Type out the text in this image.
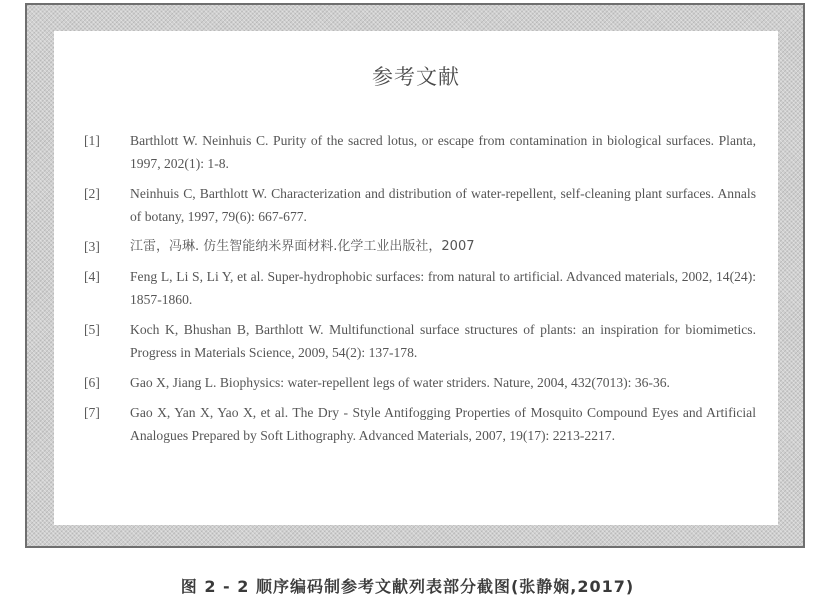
参考文献
[1]	Barthlott W. Neinhuis C. Purity of the sacred lotus, or escape from contamination in biological surfaces. Planta, 1997, 202(1): 1-8.
[2]	Neinhuis C, Barthlott W. Characterization and distribution of water-repellent, self-cleaning plant surfaces. Annals of botany, 1997, 79(6): 667-677.
[3]	江雷，冯琳. 仿生智能纳米界面材料.化学工业出版社，2007
[4]	Feng L, Li S, Li Y, et al. Super-hydrophobic surfaces: from natural to artificial. Advanced materials, 2002, 14(24): 1857-1860.
[5]	Koch K, Bhushan B, Barthlott W. Multifunctional surface structures of plants: an inspiration for biomimetics. Progress in Materials Science, 2009, 54(2): 137-178.
[6]	Gao X, Jiang L. Biophysics: water-repellent legs of water striders. Nature, 2004, 432(7013): 36-36.
[7]	Gao X, Yan X, Yao X, et al. The Dry - Style Antifogging Properties of Mosquito Compound Eyes and Artificial Analogues Prepared by Soft Lithography. Advanced Materials, 2007, 19(17): 2213-2217.
图 2 - 2 顺序编码制参考文献列表部分截图(张静娴,2017)
